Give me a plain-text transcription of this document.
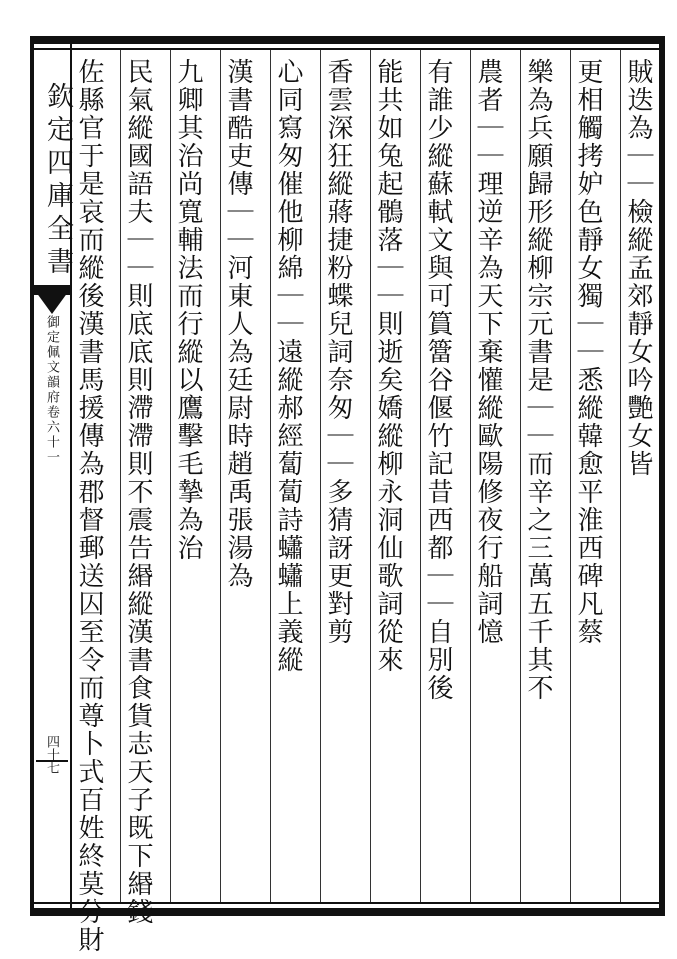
欽定四庫全書
御定佩文韻府卷六十一
四十七
賊迭為｜｜檢縱孟郊靜女吟艷女皆
更相觸拷妒色靜女獨｜｜悉縱韓愈平淮西碑凡蔡
樂為兵願歸形縱柳宗元書是｜｜而辛之三萬五千其不
農者｜｜理逆辛為天下棄懽縱歐陽修夜行船詞憶
有誰少縱蘇軾文與可篔簹谷偃竹記昔西都｜｜自別後
能共如兔起鶻落｜｜則逝矣嬌縱柳永洞仙歌詞從來
香雲深狂縱蔣捷粉蝶兒詞奈匆｜｜多猜訝更對剪
心同寫匆催他柳綿｜｜遠縱郝經蔔蔔詩蠨蠨上義縱
漢書酷吏傳｜｜河東人為廷尉時趙禹張湯為
九卿其治尚寬輔法而行縱以鷹擊毛摯為治
民氣縱國語夫｜｜則底底則滯滯則不震告緡縱漢書食貨志天子既下緡錢
佐縣官于是哀而縱後漢書馬援傳為郡督郵送囚至令而尊卜式百姓終莫分財
